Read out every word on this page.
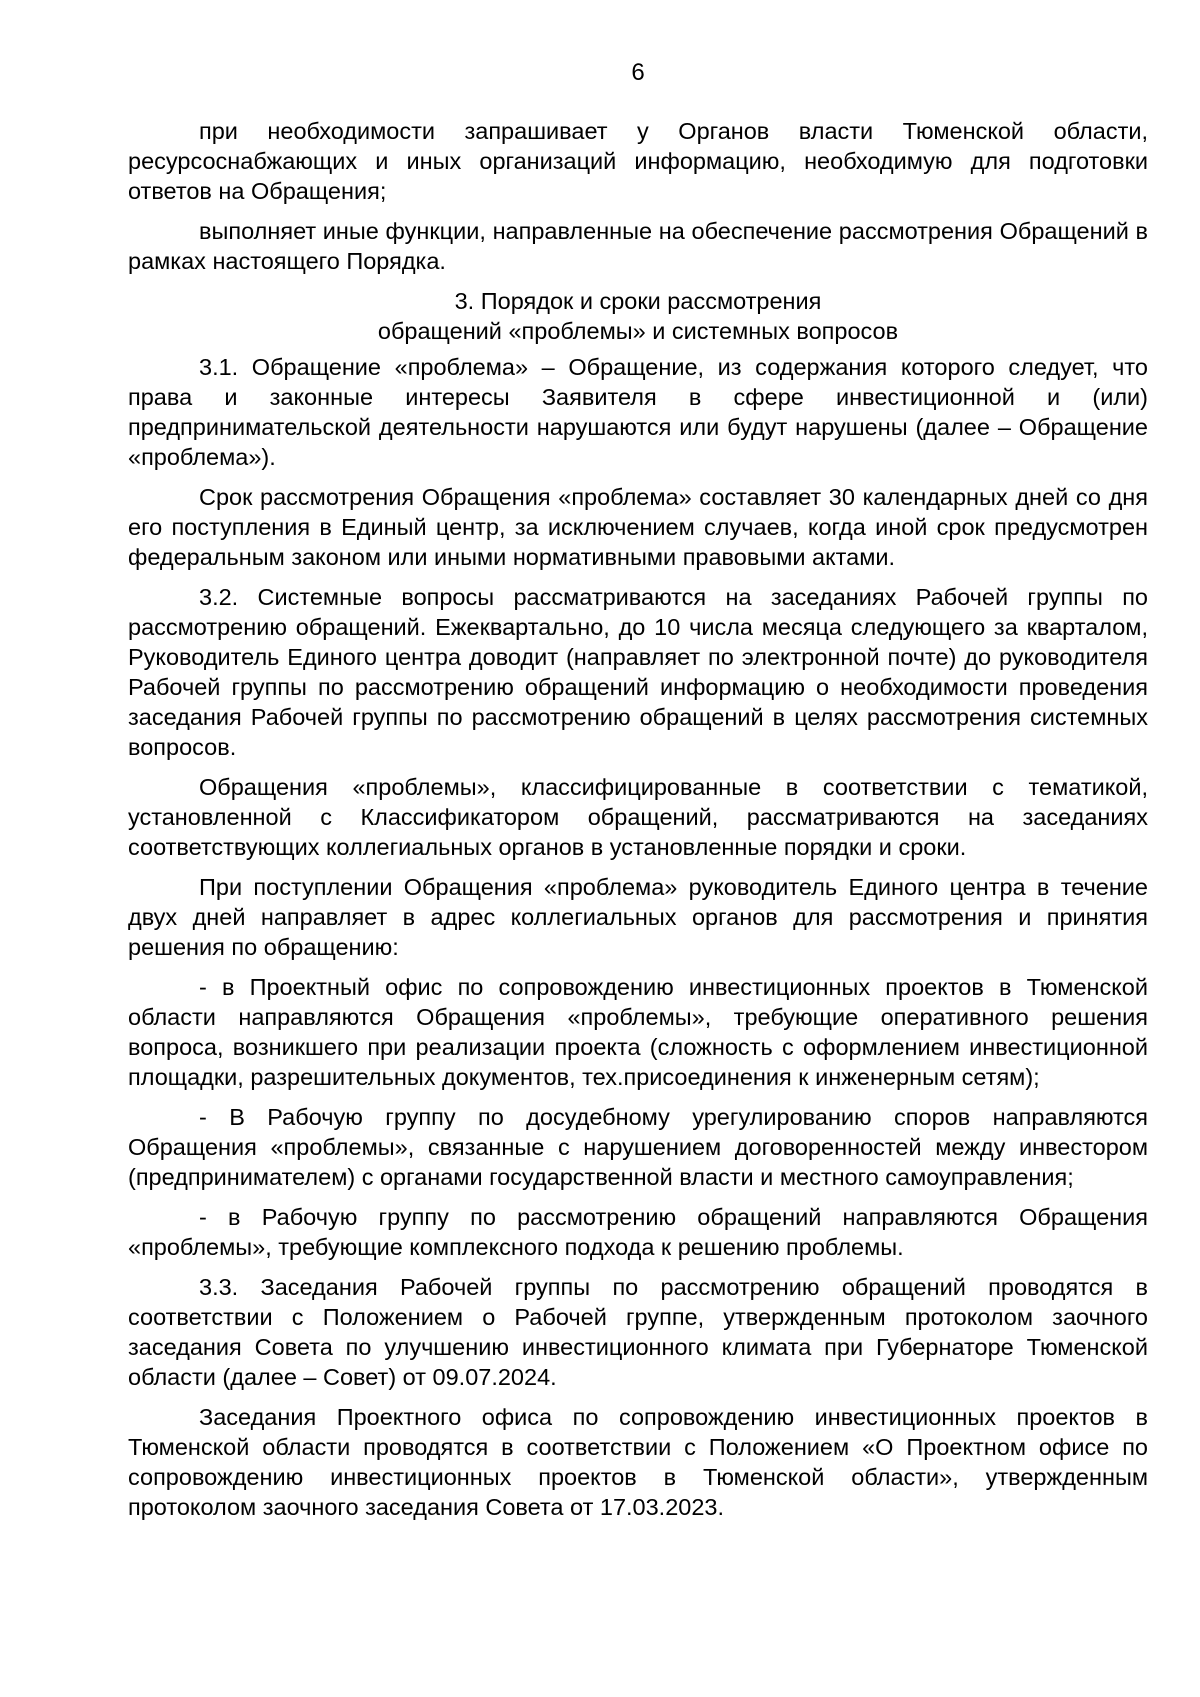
6

при необходимости запрашивает у Органов власти Тюменской области, ресурсоснабжающих и иных организаций информацию, необходимую для подготовки ответов на Обращения;

выполняет иные функции, направленные на обеспечение рассмотрения Обращений в рамках настоящего Порядка.

3. Порядок и сроки рассмотрения
обращений «проблемы» и системных вопросов

3.1. Обращение «проблема» – Обращение, из содержания которого следует, что права и законные интересы Заявителя в сфере инвестиционной и (или) предпринимательской деятельности нарушаются или будут нарушены (далее – Обращение «проблема»).

Срок рассмотрения Обращения «проблема» составляет 30 календарных дней со дня его поступления в Единый центр, за исключением случаев, когда иной срок предусмотрен федеральным законом или иными нормативными правовыми актами.

3.2. Системные вопросы рассматриваются на заседаниях Рабочей группы по рассмотрению обращений. Ежеквартально, до 10 числа месяца следующего за кварталом, Руководитель Единого центра доводит (направляет по электронной почте) до руководителя Рабочей группы по рассмотрению обращений информацию о необходимости проведения заседания Рабочей группы по рассмотрению обращений в целях рассмотрения системных вопросов.

Обращения «проблемы», классифицированные в соответствии с тематикой, установленной с Классификатором обращений, рассматриваются на заседаниях соответствующих коллегиальных органов в установленные порядки и сроки.

При поступлении Обращения «проблема» руководитель Единого центра в течение двух дней направляет в адрес коллегиальных органов для рассмотрения и принятия решения по обращению:

- в Проектный офис по сопровождению инвестиционных проектов в Тюменской области направляются Обращения «проблемы», требующие оперативного решения вопроса, возникшего при реализации проекта (сложность с оформлением инвестиционной площадки, разрешительных документов, тех.присоединения к инженерным сетям);

- В Рабочую группу по досудебному урегулированию споров направляются Обращения «проблемы», связанные с нарушением договоренностей между инвестором (предпринимателем) с органами государственной власти и местного самоуправления;

- в Рабочую группу по рассмотрению обращений направляются Обращения «проблемы», требующие комплексного подхода к решению проблемы.

3.3. Заседания Рабочей группы по рассмотрению обращений проводятся в соответствии с Положением о Рабочей группе, утвержденным протоколом заочного заседания Совета по улучшению инвестиционного климата при Губернаторе Тюменской области (далее – Совет) от 09.07.2024.

Заседания Проектного офиса по сопровождению инвестиционных проектов в Тюменской области проводятся в соответствии с Положением «О Проектном офисе по сопровождению инвестиционных проектов в Тюменской области», утвержденным протоколом заочного заседания Совета от 17.03.2023.
